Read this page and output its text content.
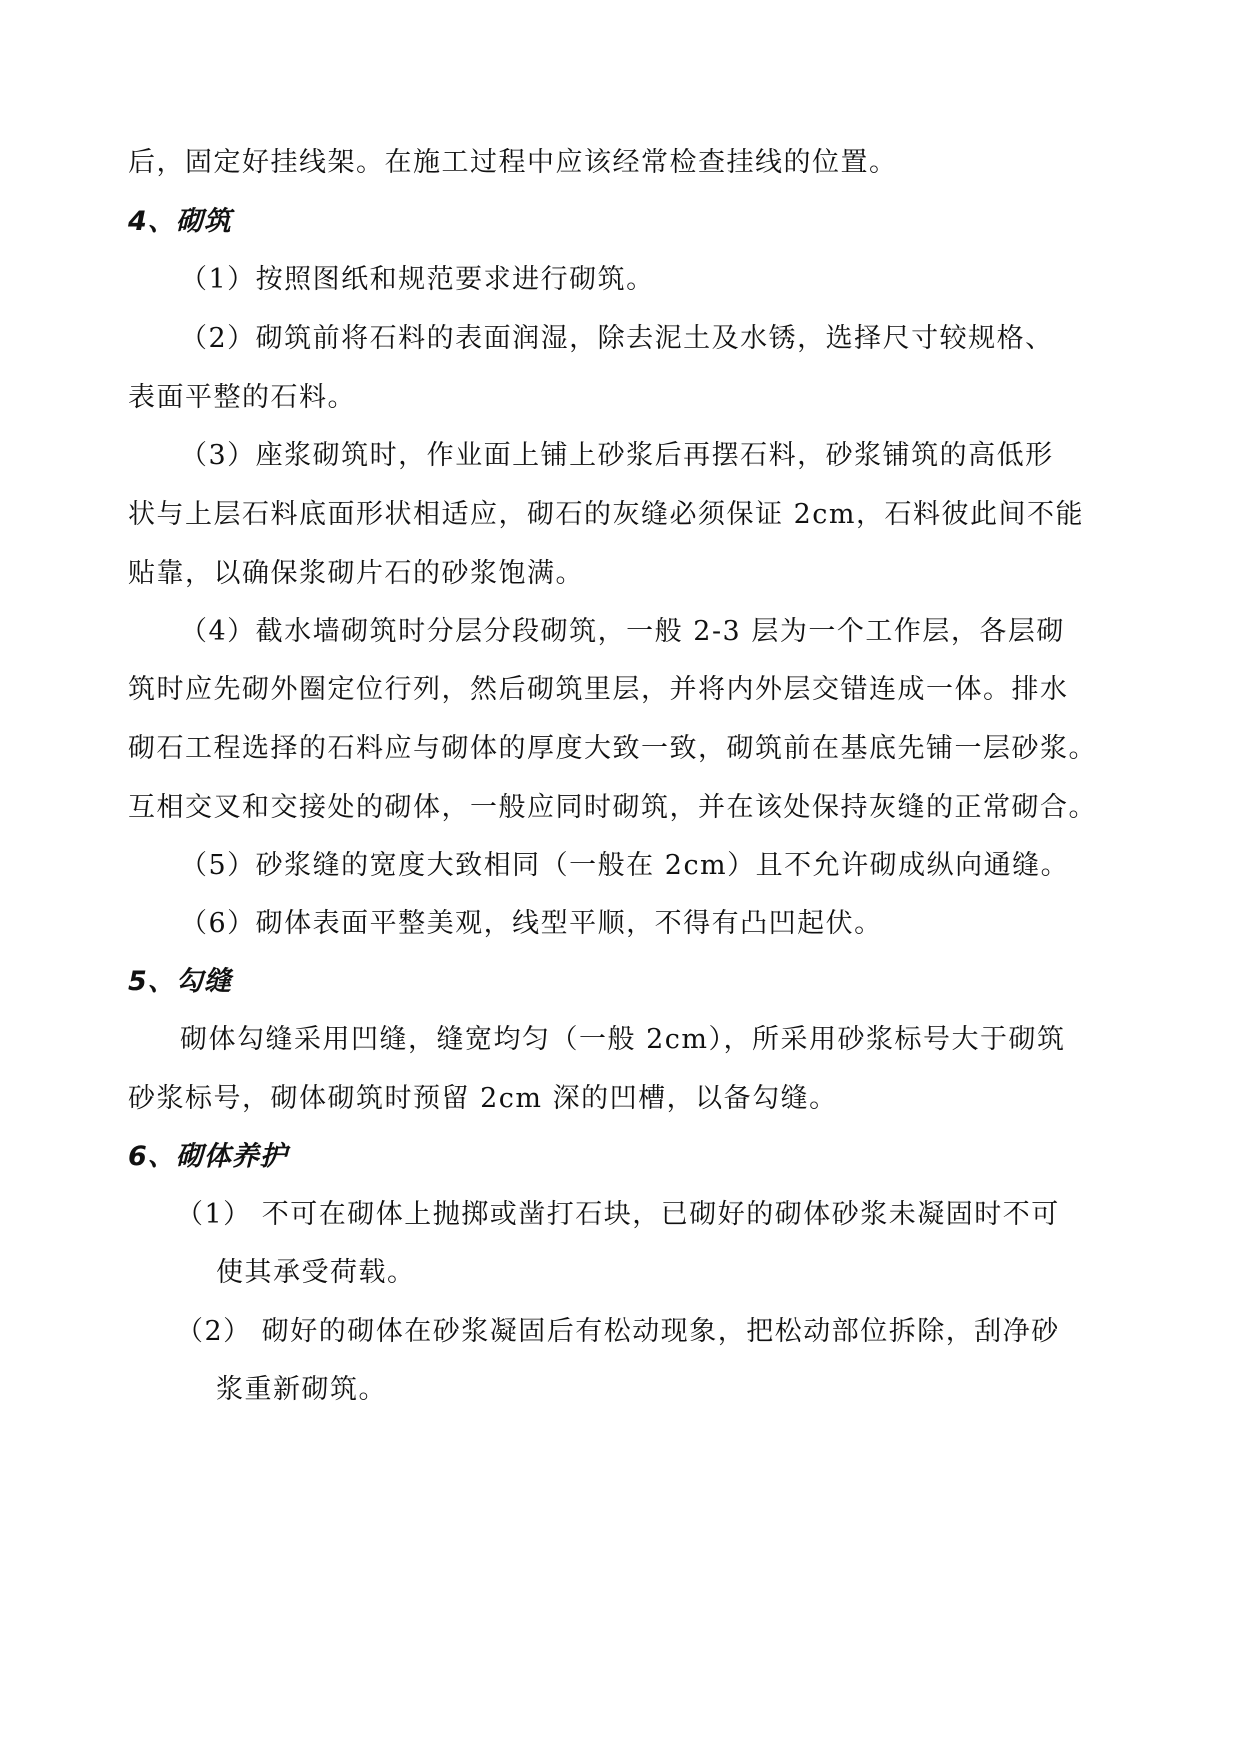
后，固定好挂线架。在施工过程中应该经常检查挂线的位置。
4、砌筑
（1）按照图纸和规范要求进行砌筑。
（2）砌筑前将石料的表面润湿，除去泥土及水锈，选择尺寸较规格、
表面平整的石料。
（3）座浆砌筑时，作业面上铺上砂浆后再摆石料，砂浆铺筑的高低形
状与上层石料底面形状相适应，砌石的灰缝必须保证 2cm，石料彼此间不能
贴靠，以确保浆砌片石的砂浆饱满。
（4）截水墙砌筑时分层分段砌筑，一般 2-3 层为一个工作层，各层砌
筑时应先砌外圈定位行列，然后砌筑里层，并将内外层交错连成一体。排水
砌石工程选择的石料应与砌体的厚度大致一致，砌筑前在基底先铺一层砂浆。
互相交叉和交接处的砌体，一般应同时砌筑，并在该处保持灰缝的正常砌合。
（5）砂浆缝的宽度大致相同（一般在 2cm）且不允许砌成纵向通缝。
（6）砌体表面平整美观，线型平顺，不得有凸凹起伏。
5、勾缝
砌体勾缝采用凹缝，缝宽均匀（一般 2cm），所采用砂浆标号大于砌筑
砂浆标号，砌体砌筑时预留 2cm 深的凹槽，以备勾缝。
6、砌体养护
（1） 不可在砌体上抛掷或凿打石块，已砌好的砌体砂浆未凝固时不可
使其承受荷载。
（2） 砌好的砌体在砂浆凝固后有松动现象，把松动部位拆除，刮净砂
浆重新砌筑。
